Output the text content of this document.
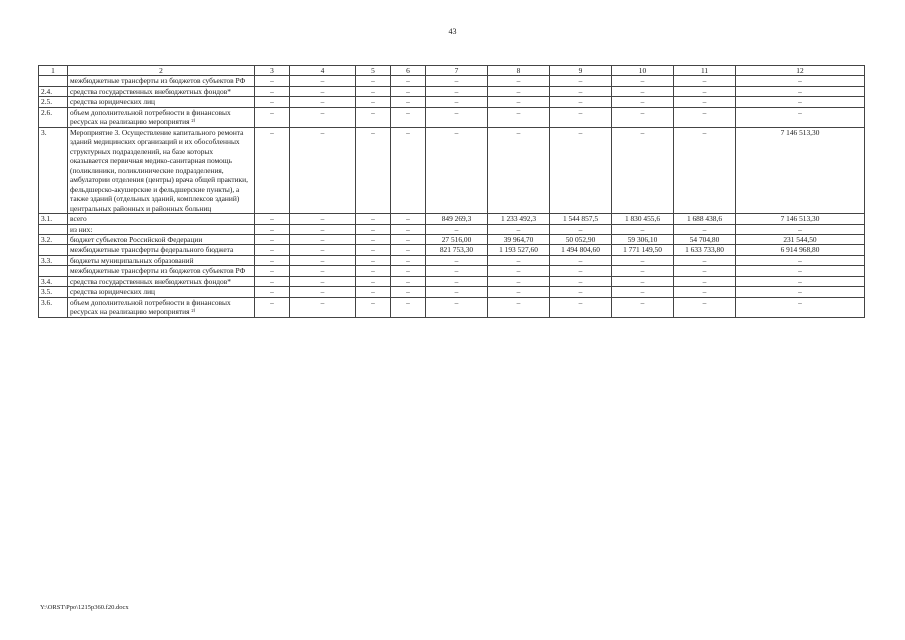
43
1	2	3	4	5	6	7	8	9	10	11	12
	межбюджетные трансферты из бюджетов субъектов РФ	–	–	–	–	–	–	–	–	–	–
2.4.	средства государственных внебюджетных фондов*	–	–	–	–	–	–	–	–	–	–
2.5.	средства юридических лиц	–	–	–	–	–	–	–	–	–	–
2.6.	объем дополнительной потребности в финансовых ресурсах на реализацию мероприятия ²⁾	–	–	–	–	–	–	–	–	–	–
3.	Мероприятие 3. Осуществление капитального ремонта зданий медицинских организаций и их обособленных структурных подразделений, на базе которых оказывается первичная медико-санитарная помощь (поликлиники, поликлинические подразделения, амбулатории отделения (центры) врача общей практики, фельдшерско-акушерские и фельдшерские пункты), а также зданий (отдельных зданий, комплексов зданий) центральных районных и районных больниц	–	–	–	–	–	–	–	–	–	7 146 513,30
3.1.	всего	–	–	–	–	849 269,3	1 233 492,3	1 544 857,5	1 830 455,6	1 688 438,6	7 146 513,30
	из них:	–	–	–	–	–	–	–	–	–	–
3.2.	бюджет субъектов Российской Федерации	–	–	–	–	27 516,00	39 964,70	50 052,90	59 306,10	54 704,80	231 544,50
	межбюджетные трансферты федерального бюджета	–	–	–	–	821 753,30	1 193 527,60	1 494 804,60	1 771 149,50	1 633 733,80	6 914 968,80
3.3.	бюджеты муниципальных образований	–	–	–	–	–	–	–	–	–	–
	межбюджетные трансферты из бюджетов субъектов РФ	–	–	–	–	–	–	–	–	–	–
3.4.	средства государственных внебюджетных фондов*	–	–	–	–	–	–	–	–	–	–
3.5.	средства юридических лиц	–	–	–	–	–	–	–	–	–	–
3.6.	объем дополнительной потребности в финансовых ресурсах на реализацию мероприятия ²⁾	–	–	–	–	–	–	–	–	–	–
Y:\ORST\Ppo\1215p360.f20.docx
